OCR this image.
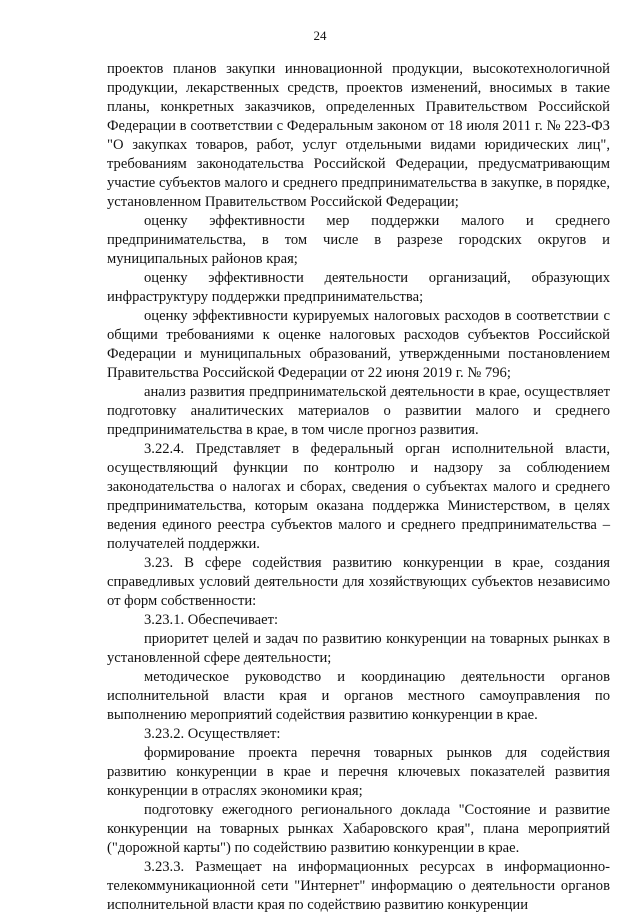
24

проектов планов закупки инновационной продукции, высокотехнологичной продукции, лекарственных средств, проектов изменений, вносимых в такие планы, конкретных заказчиков, определенных Правительством Российской Федерации в соответствии с Федеральным законом от 18 июля 2011 г. № 223-ФЗ "О закупках товаров, работ, услуг отдельными видами юридических лиц", требованиям законодательства Российской Федерации, предусматривающим участие субъектов малого и среднего предпринимательства в закупке, в порядке, установленном Правительством Российской Федерации;

оценку эффективности мер поддержки малого и среднего предпринимательства, в том числе в разрезе городских округов и муниципальных районов края;

оценку эффективности деятельности организаций, образующих инфраструктуру поддержки предпринимательства;

оценку эффективности курируемых налоговых расходов в соответствии с общими требованиями к оценке налоговых расходов субъектов Российской Федерации и муниципальных образований, утвержденными постановлением Правительства Российской Федерации от 22 июня 2019 г. № 796;

анализ развития предпринимательской деятельности в крае, осуществляет подготовку аналитических материалов о развитии малого и среднего предпринимательства в крае, в том числе прогноз развития.

3.22.4. Представляет в федеральный орган исполнительной власти, осуществляющий функции по контролю и надзору за соблюдением законодательства о налогах и сборах, сведения о субъектах малого и среднего предпринимательства, которым оказана поддержка Министерством, в целях ведения единого реестра субъектов малого и среднего предпринимательства – получателей поддержки.

3.23. В сфере содействия развитию конкуренции в крае, создания справедливых условий деятельности для хозяйствующих субъектов независимо от форм собственности:

3.23.1. Обеспечивает:

приоритет целей и задач по развитию конкуренции на товарных рынках в установленной сфере деятельности;

методическое руководство и координацию деятельности органов исполнительной власти края и органов местного самоуправления по выполнению мероприятий содействия развитию конкуренции в крае.

3.23.2. Осуществляет:

формирование проекта перечня товарных рынков для содействия развитию конкуренции в крае и перечня ключевых показателей развития конкуренции в отраслях экономики края;

подготовку ежегодного регионального доклада "Состояние и развитие конкуренции на товарных рынках Хабаровского края", плана мероприятий ("дорожной карты") по содействию развитию конкуренции в крае.

3.23.3. Размещает на информационных ресурсах в информационно-телекоммуникационной сети "Интернет" информацию о деятельности органов исполнительной власти края по содействию развитию конкуренции
